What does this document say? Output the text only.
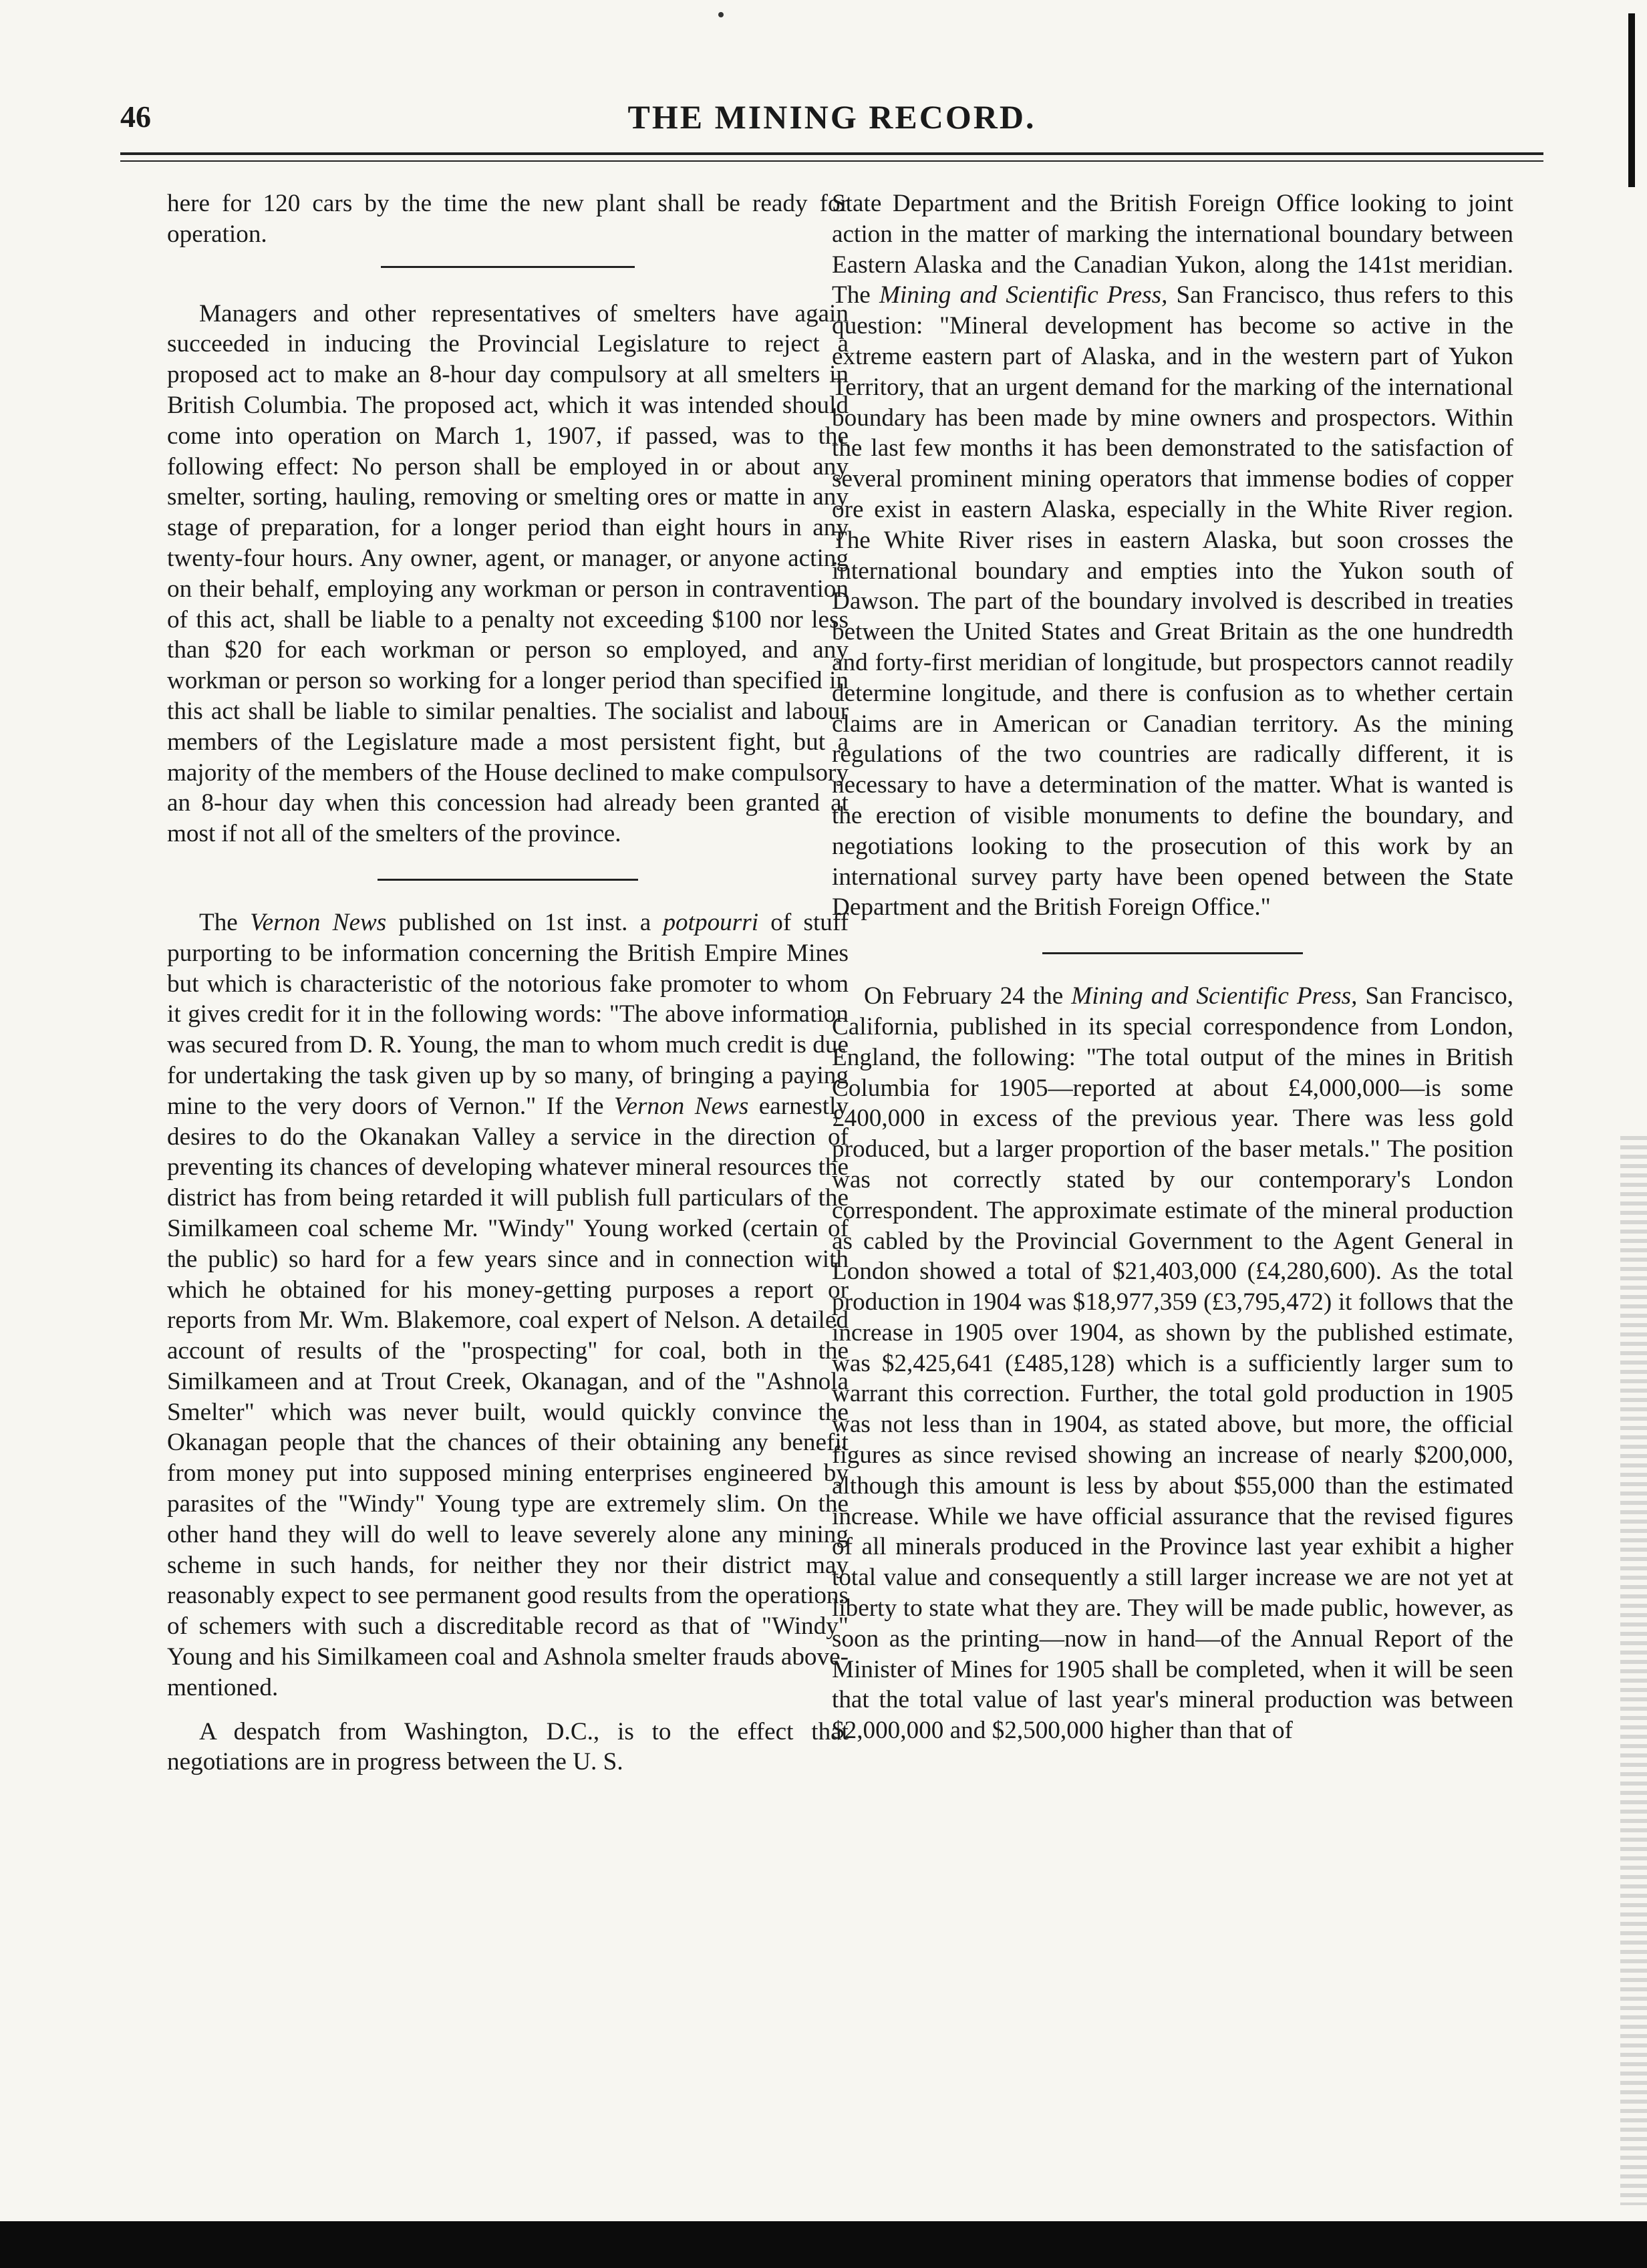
46	THE MINING RECORD.

here for 120 cars by the time the new plant shall be ready for operation.

Managers and other representatives of smelters have again succeeded in inducing the Provincial Legislature to reject a proposed act to make an 8-hour day compulsory at all smelters in British Columbia. The proposed act, which it was intended should come into operation on March 1, 1907, if passed, was to the following effect: No person shall be employed in or about any smelter, sorting, hauling, removing or smelting ores or matte in any stage of preparation, for a longer period than eight hours in any twenty-four hours. Any owner, agent, or manager, or anyone acting on their behalf, employing any workman or person in contravention of this act, shall be liable to a penalty not exceeding $100 nor less than $20 for each workman or person so employed, and any workman or person so working for a longer period than specified in this act shall be liable to similar penalties. The socialist and labour members of the Legislature made a most persistent fight, but a majority of the members of the House declined to make compulsory an 8-hour day when this concession had already been granted at most if not all of the smelters of the province.

The Vernon News published on 1st inst. a potpourri of stuff purporting to be information concerning the British Empire Mines but which is characteristic of the notorious fake promoter to whom it gives credit for it in the following words: "The above information was secured from D. R. Young, the man to whom much credit is due for undertaking the task given up by so many, of bringing a paying mine to the very doors of Vernon." If the Vernon News earnestly desires to do the Okanakan Valley a service in the direction of preventing its chances of developing whatever mineral resources the district has from being retarded it will publish full particulars of the Similkameen coal scheme Mr. "Windy" Young worked (certain of the public) so hard for a few years since and in connection with which he obtained for his money-getting purposes a report or reports from Mr. Wm. Blakemore, coal expert of Nelson. A detailed account of results of the "prospecting" for coal, both in the Similkameen and at Trout Creek, Okanagan, and of the "Ashnola Smelter" which was never built, would quickly convince the Okanagan people that the chances of their obtaining any benefit from money put into supposed mining enterprises engineered by parasites of the "Windy" Young type are extremely slim. On the other hand they will do well to leave severely alone any mining scheme in such hands, for neither they nor their district may reasonably expect to see permanent good results from the operations of schemers with such a discreditable record as that of "Windy" Young and his Similkameen coal and Ashnola smelter frauds above-mentioned.

A despatch from Washington, D.C., is to the effect that negotiations are in progress between the U. S.

State Department and the British Foreign Office looking to joint action in the matter of marking the international boundary between Eastern Alaska and the Canadian Yukon, along the 141st meridian. The Mining and Scientific Press, San Francisco, thus refers to this question: "Mineral development has become so active in the extreme eastern part of Alaska, and in the western part of Yukon Territory, that an urgent demand for the marking of the international boundary has been made by mine owners and prospectors. Within the last few months it has been demonstrated to the satisfaction of several prominent mining operators that immense bodies of copper ore exist in eastern Alaska, especially in the White River region. The White River rises in eastern Alaska, but soon crosses the international boundary and empties into the Yukon south of Dawson. The part of the boundary involved is described in treaties between the United States and Great Britain as the one hundredth and forty-first meridian of longitude, but prospectors cannot readily determine longitude, and there is confusion as to whether certain claims are in American or Canadian territory. As the mining regulations of the two countries are radically different, it is necessary to have a determination of the matter. What is wanted is the erection of visible monuments to define the boundary, and negotiations looking to the prosecution of this work by an international survey party have been opened between the State Department and the British Foreign Office."

On February 24 the Mining and Scientific Press, San Francisco, California, published in its special correspondence from London, England, the following: "The total output of the mines in British Columbia for 1905—reported at about £4,000,000—is some £400,000 in excess of the previous year. There was less gold produced, but a larger proportion of the baser metals." The position was not correctly stated by our contemporary's London correspondent. The approximate estimate of the mineral production as cabled by the Provincial Government to the Agent General in London showed a total of $21,403,000 (£4,280,600). As the total production in 1904 was $18,977,359 (£3,795,472) it follows that the increase in 1905 over 1904, as shown by the published estimate, was $2,425,641 (£485,128) which is a sufficiently larger sum to warrant this correction. Further, the total gold production in 1905 was not less than in 1904, as stated above, but more, the official figures as since revised showing an increase of nearly $200,000, although this amount is less by about $55,000 than the estimated increase. While we have official assurance that the revised figures of all minerals produced in the Province last year exhibit a higher total value and consequently a still larger increase we are not yet at liberty to state what they are. They will be made public, however, as soon as the printing—now in hand—of the Annual Report of the Minister of Mines for 1905 shall be completed, when it will be seen that the total value of last year's mineral production was between $2,000,000 and $2,500,000 higher than that of
